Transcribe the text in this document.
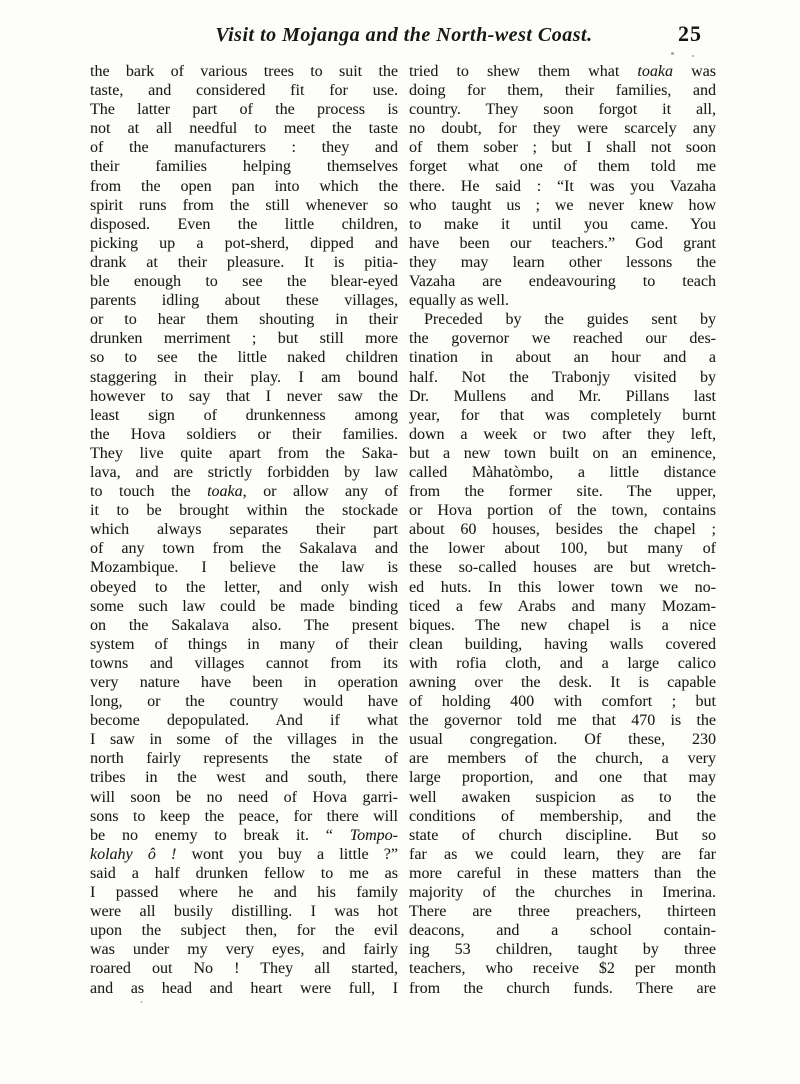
Visit to Mojanga and the North-west Coast.	25
the bark of various trees to suit the
taste, and considered fit for use.
The latter part of the process is
not at all needful to meet the taste
of the manufacturers : they and
their families helping themselves
from the open pan into which the
spirit runs from the still whenever so
disposed. Even the little children,
picking up a pot-sherd, dipped and
drank at their pleasure. It is pitia-
ble enough to see the blear-eyed
parents idling about these villages,
or to hear them shouting in their
drunken merriment ; but still more
so to see the little naked children
staggering in their play. I am bound
however to say that I never saw the
least sign of drunkenness among
the Hova soldiers or their families.
They live quite apart from the Saka-
lava, and are strictly forbidden by law
to touch the toaka, or allow any of
it to be brought within the stockade
which always separates their part
of any town from the Sakalava and
Mozambique. I believe the law is
obeyed to the letter, and only wish
some such law could be made binding
on the Sakalava also. The present
system of things in many of their
towns and villages cannot from its
very nature have been in operation
long, or the country would have
become depopulated. And if what
I saw in some of the villages in the
north fairly represents the state of
tribes in the west and south, there
will soon be no need of Hova garri-
sons to keep the peace, for there will
be no enemy to break it. “ Tompo-
kolahy ô ! wont you buy a little ?”
said a half drunken fellow to me as
I passed where he and his family
were all busily distilling. I was hot
upon the subject then, for the evil
was under my very eyes, and fairly
roared out No ! They all started,
and as head and heart were full, I
tried to shew them what toaka was
doing for them, their families, and
country. They soon forgot it all,
no doubt, for they were scarcely any
of them sober ; but I shall not soon
forget what one of them told me
there. He said : “It was you Vazaha
who taught us ; we never knew how
to make it until you came. You
have been our teachers.” God grant
they may learn other lessons the
Vazaha are endeavouring to teach
equally as well.
Preceded by the guides sent by
the governor we reached our des-
tination in about an hour and a
half. Not the Trabonjy visited by
Dr. Mullens and Mr. Pillans last
year, for that was completely burnt
down a week or two after they left,
but a new town built on an eminence,
called Màhatòmbo, a little distance
from the former site. The upper,
or Hova portion of the town, contains
about 60 houses, besides the chapel ;
the lower about 100, but many of
these so-called houses are but wretch-
ed huts. In this lower town we no-
ticed a few Arabs and many Mozam-
biques. The new chapel is a nice
clean building, having walls covered
with rofia cloth, and a large calico
awning over the desk. It is capable
of holding 400 with comfort ; but
the governor told me that 470 is the
usual congregation. Of these, 230
are members of the church, a very
large proportion, and one that may
well awaken suspicion as to the
conditions of membership, and the
state of church discipline. But so
far as we could learn, they are far
more careful in these matters than the
majority of the churches in Imerina.
There are three preachers, thirteen
deacons, and a school contain-
ing 53 children, taught by three
teachers, who receive $2 per month
from the church funds. There are
